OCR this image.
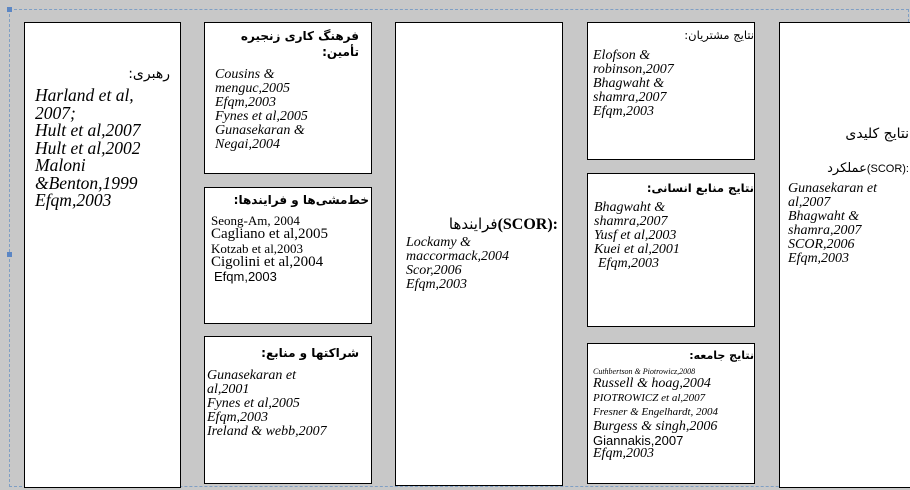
رهبری:
Harland et al,
2007;
Hult et al,2007
Hult et al,2002
Maloni
&Benton,1999
Efqm,2003
فرهنگ کاری زنجیره
تأمین:
Cousins &
menguc,2005
Efqm,2003
Fynes et al,2005
Gunasekaran &
Negai,2004
خط‌مشی‌ها و فرایندها:
Seong-Am, 2004
Cagliano et al,2005
Kotzab et al,2003
Cigolini et al,2004
Efqm,2003
شراکتها و منابع:
Gunasekaran et
al,2001
Fynes et al,2005
Efqm,2003
Ireland & webb,2007
فرایندها(SCOR):
Lockamy &
maccormack,2004
Scor,2006
Efqm,2003
نتایج مشتریان:
Elofson &
robinson,2007
Bhagwaht &
shamra,2007
Efqm,2003
نتایج منابع انسانی:
Bhagwaht &
shamra,2007
Yusf et al,2003
Kuei et al,2001
Efqm,2003
نتایج جامعه:
Cuthbertson & Piotrowicz,2008
Russell & hoag,2004
PIOTROWICZ et al,2007
Fresner & Engelhardt, 2004
Burgess & singh,2006
Giannakis,2007
Efqm,2003
نتایج کلیدی
عملکرد(SCOR):
Gunasekaran et
al,2007
Bhagwaht &
shamra,2007
SCOR,2006
Efqm,2003
